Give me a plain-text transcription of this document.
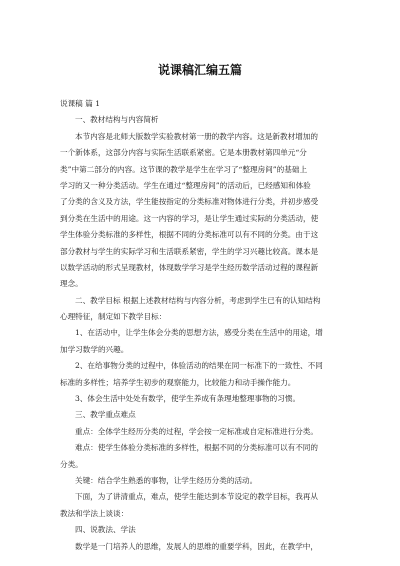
说课稿汇编五篇
说课稿 篇 1
一、教材结构与内容简析
本节内容是北师大版数学实验教材第一册的教学内容。这是新教材增加的
一个新体系，这部分内容与实际生活联系紧密。它是本册教材第四单元“分
类”中第二部分的内容。这节课的教学是学生在学习了“整理房间”的基础上
学习的又一种分类活动。学生在通过“整理房间”的活动后，已经感知和体验
了分类的含义及方法，学生能按指定的分类标准对物体进行分类，并初步感受
到分类在生活中的用途。这一内容的学习，是让学生通过实际的分类活动，使
学生体验分类标准的多样性，根据不同的分类标准可以有不同的分类。由于这
部分教材与学生的实际学习和生活联系紧密，学生的学习兴趣比较高。课本是
以数学活动的形式呈现教材，体现数学学习是学生经历数学活动过程的课程新
理念。
二、教学目标 根据上述教材结构与内容分析，考虑到学生已有的认知结构
心理特征，制定如下教学目标：
1、在活动中，让学生体会分类的思想方法，感受分类在生活中的用途，增
加学习数学的兴趣。
2、在给事物分类的过程中，体验活动的结果在同一标准下的一致性、不同
标准的多样性；培养学生初步的观察能力，比较能力和动手操作能力。
3、体会生活中处处有数学，使学生养成有条理地整理事物的习惯。
三、教学重点难点
重点：全体学生经历分类的过程，学会按一定标准或自定标准进行分类。
难点：使学生体验分类标准的多样性，根据不同的分类标准可以有不同的
分类。
关键：结合学生熟悉的事物，让学生经历分类的活动。
下面，为了讲清重点，难点，使学生能达到本节设定的教学目标，我再从
教法和学法上谈谈：
四、说教法、学法
数学是一门培养人的思维，发展人的思维的重要学科，因此，在教学中，
